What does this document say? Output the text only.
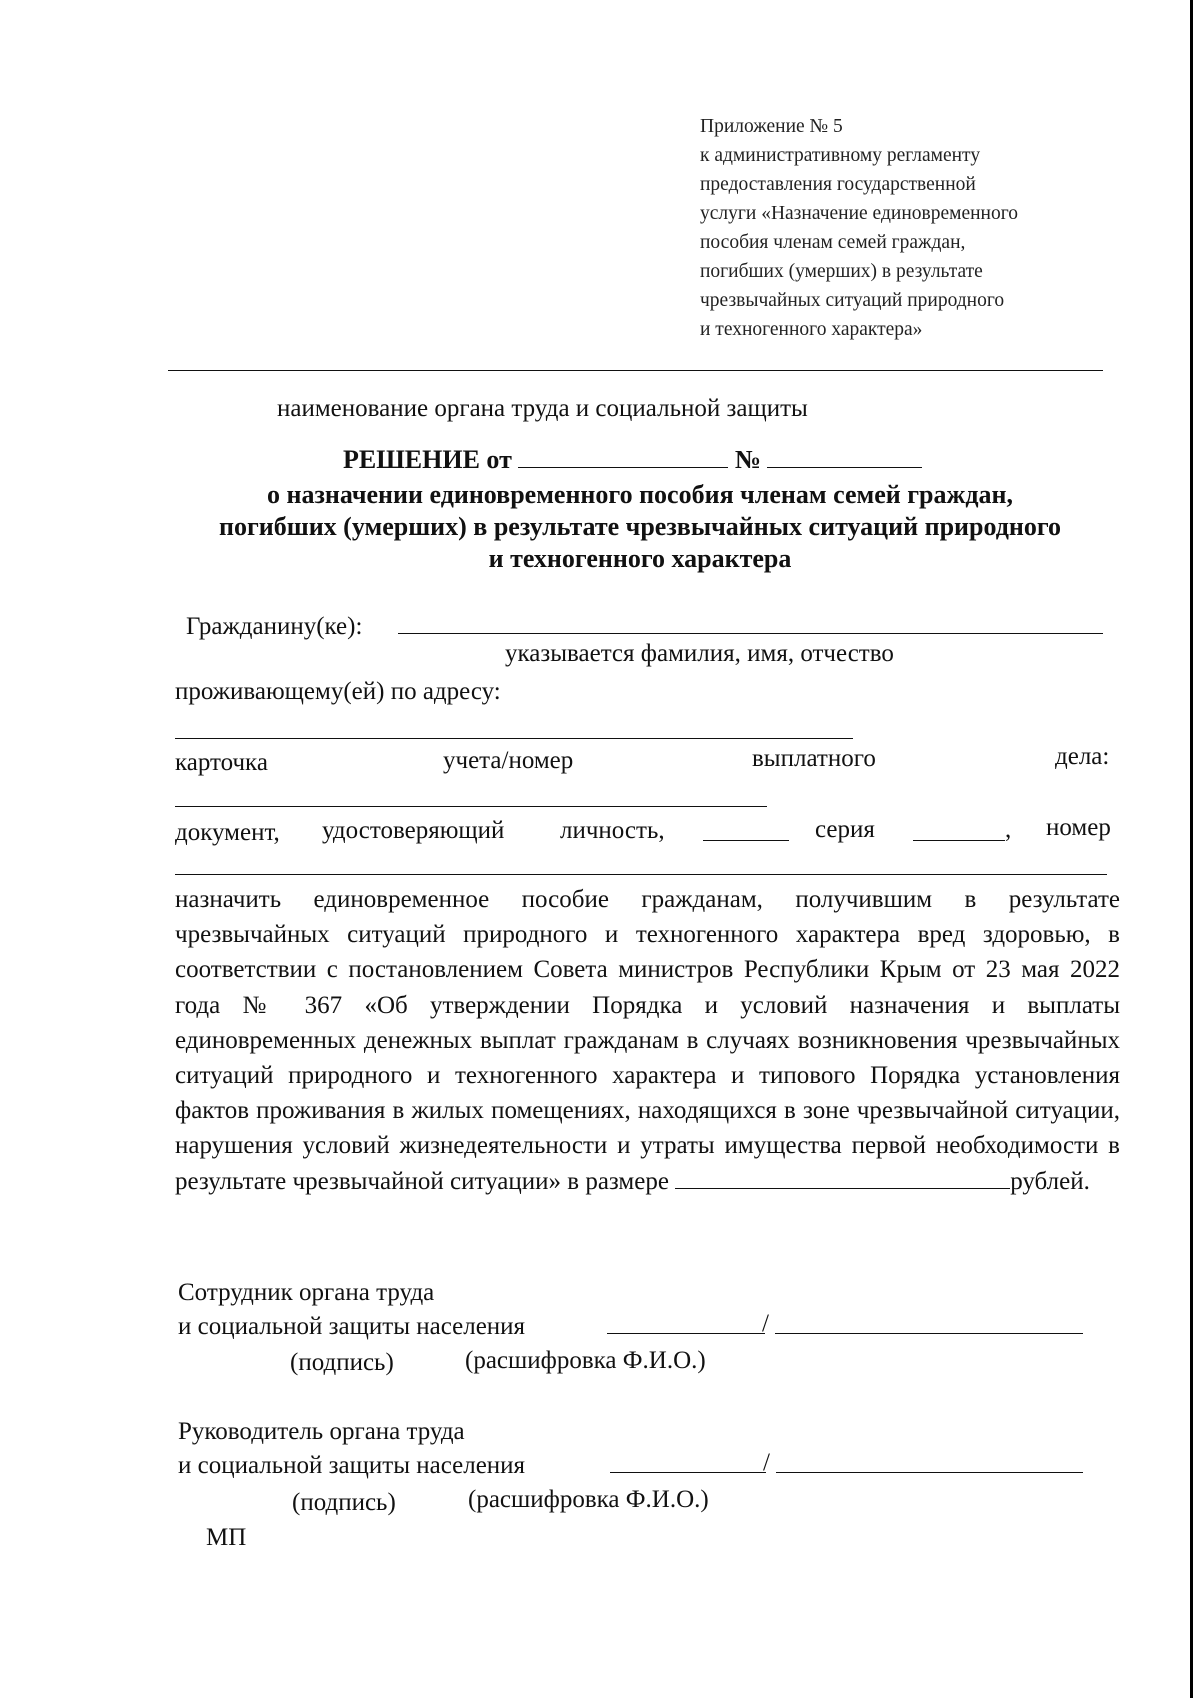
Приложение № 5
к административному регламенту
предоставления государственной
услуги «Назначение единовременного
пособия членам семей граждан,
погибших (умерших) в результате
чрезвычайных ситуаций природного
и техногенного характера»
наименование органа труда и социальной защиты
РЕШЕНИЕ от	№
о назначении единовременного пособия членам семей граждан,
погибших (умерших) в результате чрезвычайных ситуаций природного
и техногенного характера
Гражданину(ке):
указывается фамилия, имя, отчество
проживающему(ей) по адресу:
карточка	учета/номер	выплатного	дела:
документ, удостоверяющий личность,	серия	, номер
назначить единовременное пособие гражданам, получившим в результате чрезвычайных ситуаций природного и техногенного характера вред здоровью, в соответствии с постановлением Совета министров Республики Крым от 23 мая 2022 года № 367 «Об утверждении Порядка и условий назначения и выплаты единовременных денежных выплат гражданам в случаях возникновения чрезвычайных ситуаций природного и техногенного характера и типового Порядка установления фактов проживания в жилых помещениях, находящихся в зоне чрезвычайной ситуации, нарушения условий жизнедеятельности и утраты имущества первой необходимости в результате чрезвычайной ситуации» в размере	рублей.
Сотрудник органа труда
и социальной защиты населения	/
(подпись)	(расшифровка Ф.И.О.)
Руководитель органа труда
и социальной защиты населения	/
(подпись)	(расшифровка Ф.И.О.)
МП
